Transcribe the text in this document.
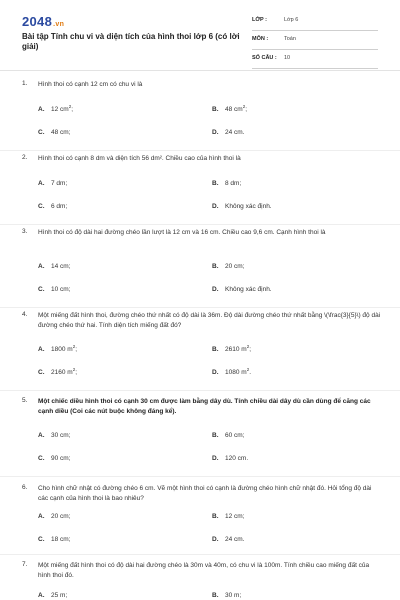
2048.vn
Bài tập Tính chu vi và diện tích của hình thoi lớp 6 (có lời giải)
LỚP :	Lớp 6
MÔN :	Toán
SỐ CÂU : 10
1. Hình thoi có cạnh 12 cm có chu vi là
A. 12 $cm^2$;	B. 48 $cm^2$;
C. 48 cm;	D. 24 cm.
2. Hình thoi có cạnh 8 dm và diện tích 56 dm². Chiều cao của hình thoi là
A. 7 dm;	B. 8 dm;
C. 6 dm;	D. Không xác định.
3. Hình thoi có độ dài hai đường chéo lần lượt là 12 cm và 16 cm. Chiều cao 9,6 cm. Cạnh hình thoi là
A. 14 cm;	B. 20 cm;
C. 10 cm;	D. Không xác định.
4. Một miếng đất hình thoi, đường chéo thứ nhất có độ dài là 36m. Độ dài đường chéo thứ nhất bằng \(\frac{3}{5}\) độ dài đường chéo thứ hai. Tính diện tích miếng đất đó?
A. 1800 $m^2$;	B. 2610 $m^2$;
C. 2160 $m^2$;	D. 1080 $m^2$.
5. Một chiếc diều hình thoi có cạnh 30 cm được làm bằng dây dù. Tính chiều dài dây dù cần dùng để căng các cạnh diều (Coi các nút buộc không đáng kể).
A. 30 cm;	B. 60 cm;
C. 90 cm;	D. 120 cm.
6. Cho hình chữ nhật có đường chéo 6 cm. Vẽ một hình thoi có cạnh là đường chéo hình chữ nhật đó. Hỏi tổng độ dài các cạnh của hình thoi là bao nhiêu?
A. 20 cm;	B. 12 cm;
C. 18 cm;	D. 24 cm.
7. Một miếng đất hình thoi có độ dài hai đường chéo là 30m và 40m, có chu vi là 100m. Tính chiều cao miếng đất của hình thoi đó.
A. 25 m;	B. 30 m;
